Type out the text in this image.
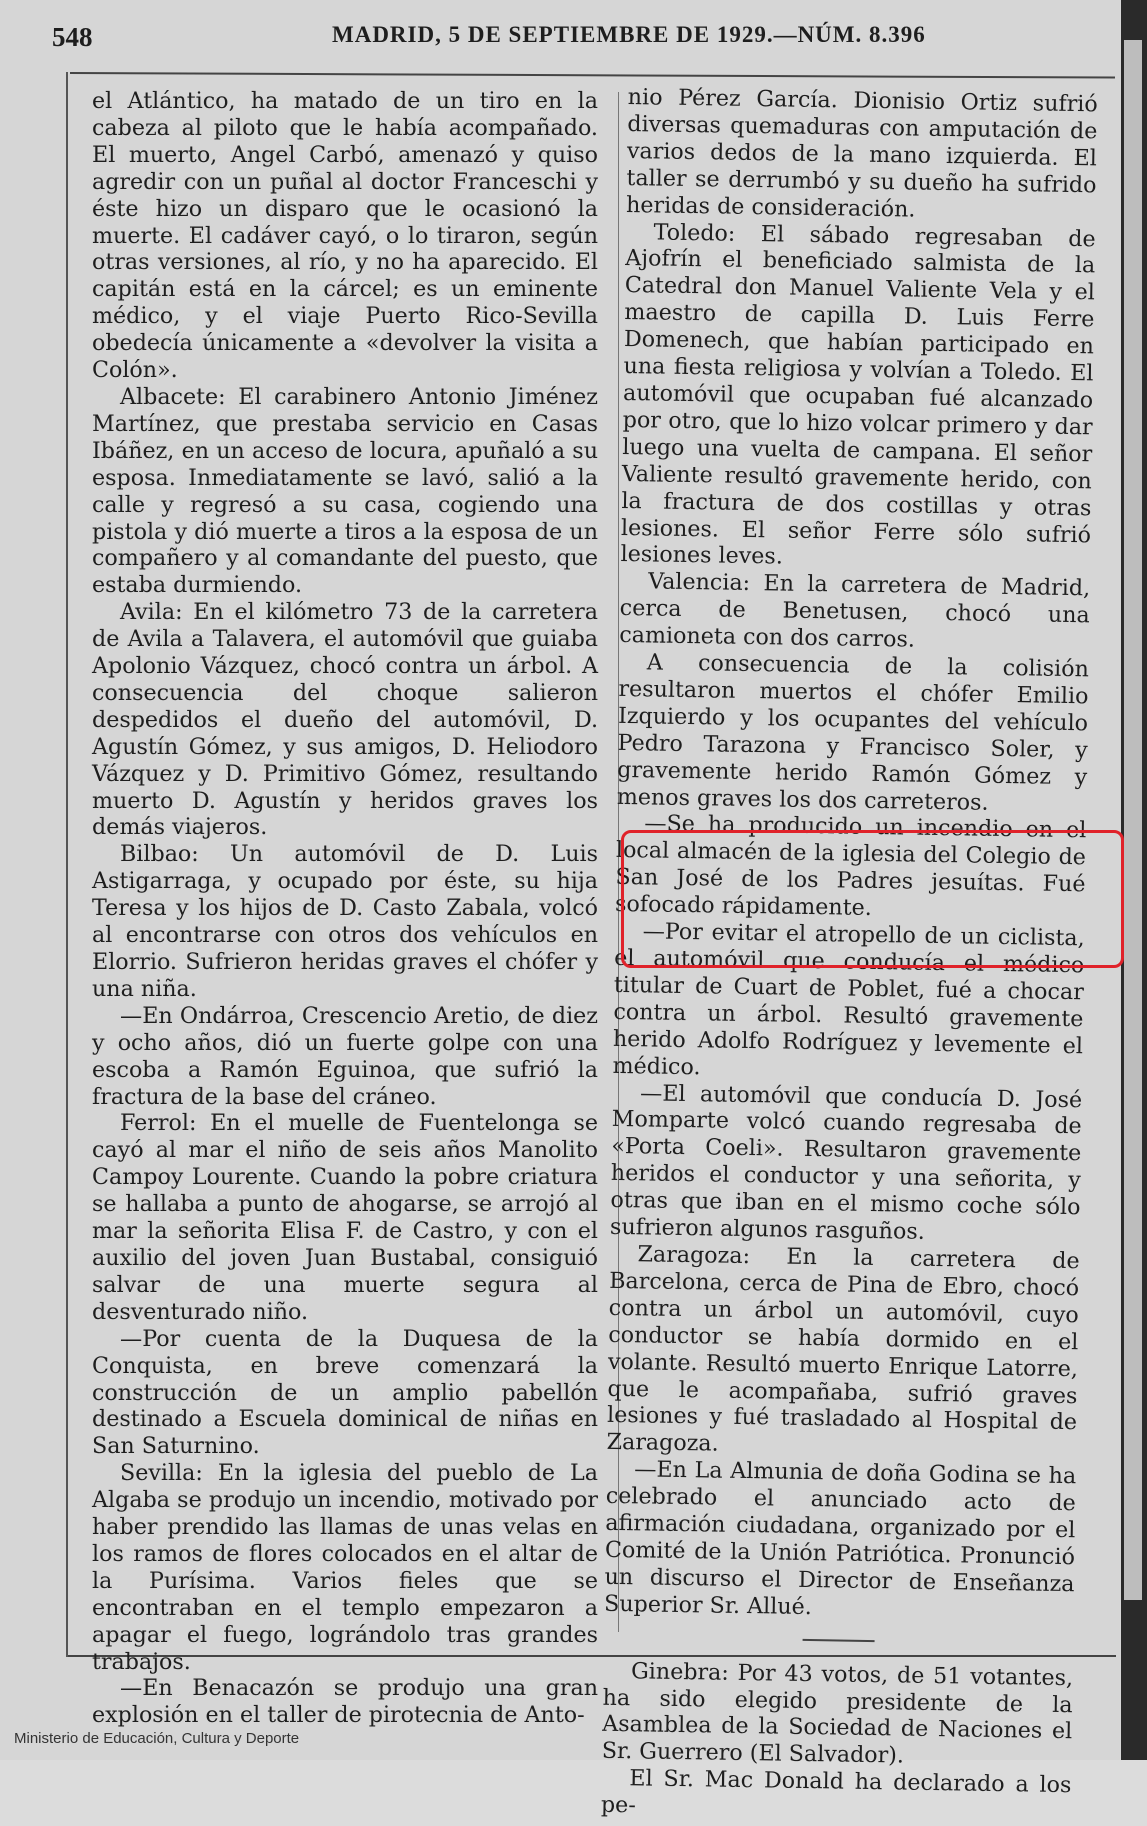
548	MADRID, 5 DE SEPTIEMBRE DE 1929.—NÚM. 8.396

el Atlántico, ha matado de un tiro en la cabeza al piloto que le había acompañado. El muerto, Angel Carbó, amenazó y quiso agredir con un puñal al doctor Franceschi y éste hizo un disparo que le ocasionó la muerte. El cadáver cayó, o lo tiraron, según otras versiones, al río, y no ha aparecido. El capitán está en la cárcel; es un eminente médico, y el viaje Puerto Rico-Sevilla obedecía únicamente a «devolver la visita a Colón».

Albacete: El carabinero Antonio Jiménez Martínez, que prestaba servicio en Casas Ibáñez, en un acceso de locura, apuñaló a su esposa. Inmediatamente se lavó, salió a la calle y regresó a su casa, cogiendo una pistola y dió muerte a tiros a la esposa de un compañero y al comandante del puesto, que estaba durmiendo.

Avila: En el kilómetro 73 de la carretera de Avila a Talavera, el automóvil que guiaba Apolonio Vázquez, chocó contra un árbol. A consecuencia del choque salieron despedidos el dueño del automóvil, D. Agustín Gómez, y sus amigos, D. Heliodoro Vázquez y D. Primitivo Gómez, resultando muerto D. Agustín y heridos graves los demás viajeros.

Bilbao: Un automóvil de D. Luis Astigarraga, y ocupado por éste, su hija Teresa y los hijos de D. Casto Zabala, volcó al encontrarse con otros dos vehículos en Elorrio. Sufrieron heridas graves el chófer y una niña.

—En Ondárroa, Crescencio Aretio, de diez y ocho años, dió un fuerte golpe con una escoba a Ramón Eguinoa, que sufrió la fractura de la base del cráneo.

Ferrol: En el muelle de Fuentelonga se cayó al mar el niño de seis años Manolito Campoy Lourente. Cuando la pobre criatura se hallaba a punto de ahogarse, se arrojó al mar la señorita Elisa F. de Castro, y con el auxilio del joven Juan Bustabal, consiguió salvar de una muerte segura al desventurado niño.

—Por cuenta de la Duquesa de la Conquista, en breve comenzará la construcción de un amplio pabellón destinado a Escuela dominical de niñas en San Saturnino.

Sevilla: En la iglesia del pueblo de La Algaba se produjo un incendio, motivado por haber prendido las llamas de unas velas en los ramos de flores colocados en el altar de la Purísima. Varios fieles que se encontraban en el templo empezaron a apagar el fuego, lográndolo tras grandes trabajos.

—En Benacazón se produjo una gran explosión en el taller de pirotecnia de Anto-

nio Pérez García. Dionisio Ortiz sufrió diversas quemaduras con amputación de varios dedos de la mano izquierda. El taller se derrumbó y su dueño ha sufrido heridas de consideración.

Toledo: El sábado regresaban de Ajofrín el beneficiado salmista de la Catedral don Manuel Valiente Vela y el maestro de capilla D. Luis Ferre Domenech, que habían participado en una fiesta religiosa y volvían a Toledo. El automóvil que ocupaban fué alcanzado por otro, que lo hizo volcar primero y dar luego una vuelta de campana. El señor Valiente resultó gravemente herido, con la fractura de dos costillas y otras lesiones. El señor Ferre sólo sufrió lesiones leves.

Valencia: En la carretera de Madrid, cerca de Benetusen, chocó una camioneta con dos carros.

A consecuencia de la colisión resultaron muertos el chófer Emilio Izquierdo y los ocupantes del vehículo Pedro Tarazona y Francisco Soler, y gravemente herido Ramón Gómez y menos graves los dos carreteros.

—Se ha producido un incendio en el local almacén de la iglesia del Colegio de San José de los Padres jesuítas. Fué sofocado rápidamente.

—Por evitar el atropello de un ciclista, el automóvil que conducía el médico titular de Cuart de Poblet, fué a chocar contra un árbol. Resultó gravemente herido Adolfo Rodríguez y levemente el médico.

—El automóvil que conducía D. José Momparte volcó cuando regresaba de «Porta Coeli». Resultaron gravemente heridos el conductor y una señorita, y otras que iban en el mismo coche sólo sufrieron algunos rasguños.

Zaragoza: En la carretera de Barcelona, cerca de Pina de Ebro, chocó contra un árbol un automóvil, cuyo conductor se había dormido en el volante. Resultó muerto Enrique Latorre, que le acompañaba, sufrió graves lesiones y fué trasladado al Hospital de Zaragoza.

—En La Almunia de doña Godina se ha celebrado el anunciado acto de afirmación ciudadana, organizado por el Comité de la Unión Patriótica. Pronunció un discurso el Director de Enseñanza Superior Sr. Allué.

Ginebra: Por 43 votos, de 51 votantes, ha sido elegido presidente de la Asamblea de la Sociedad de Naciones el Sr. Guerrero (El Salvador).

El Sr. Mac Donald ha declarado a los pe-

Ministerio de Educación, Cultura y Deporte
